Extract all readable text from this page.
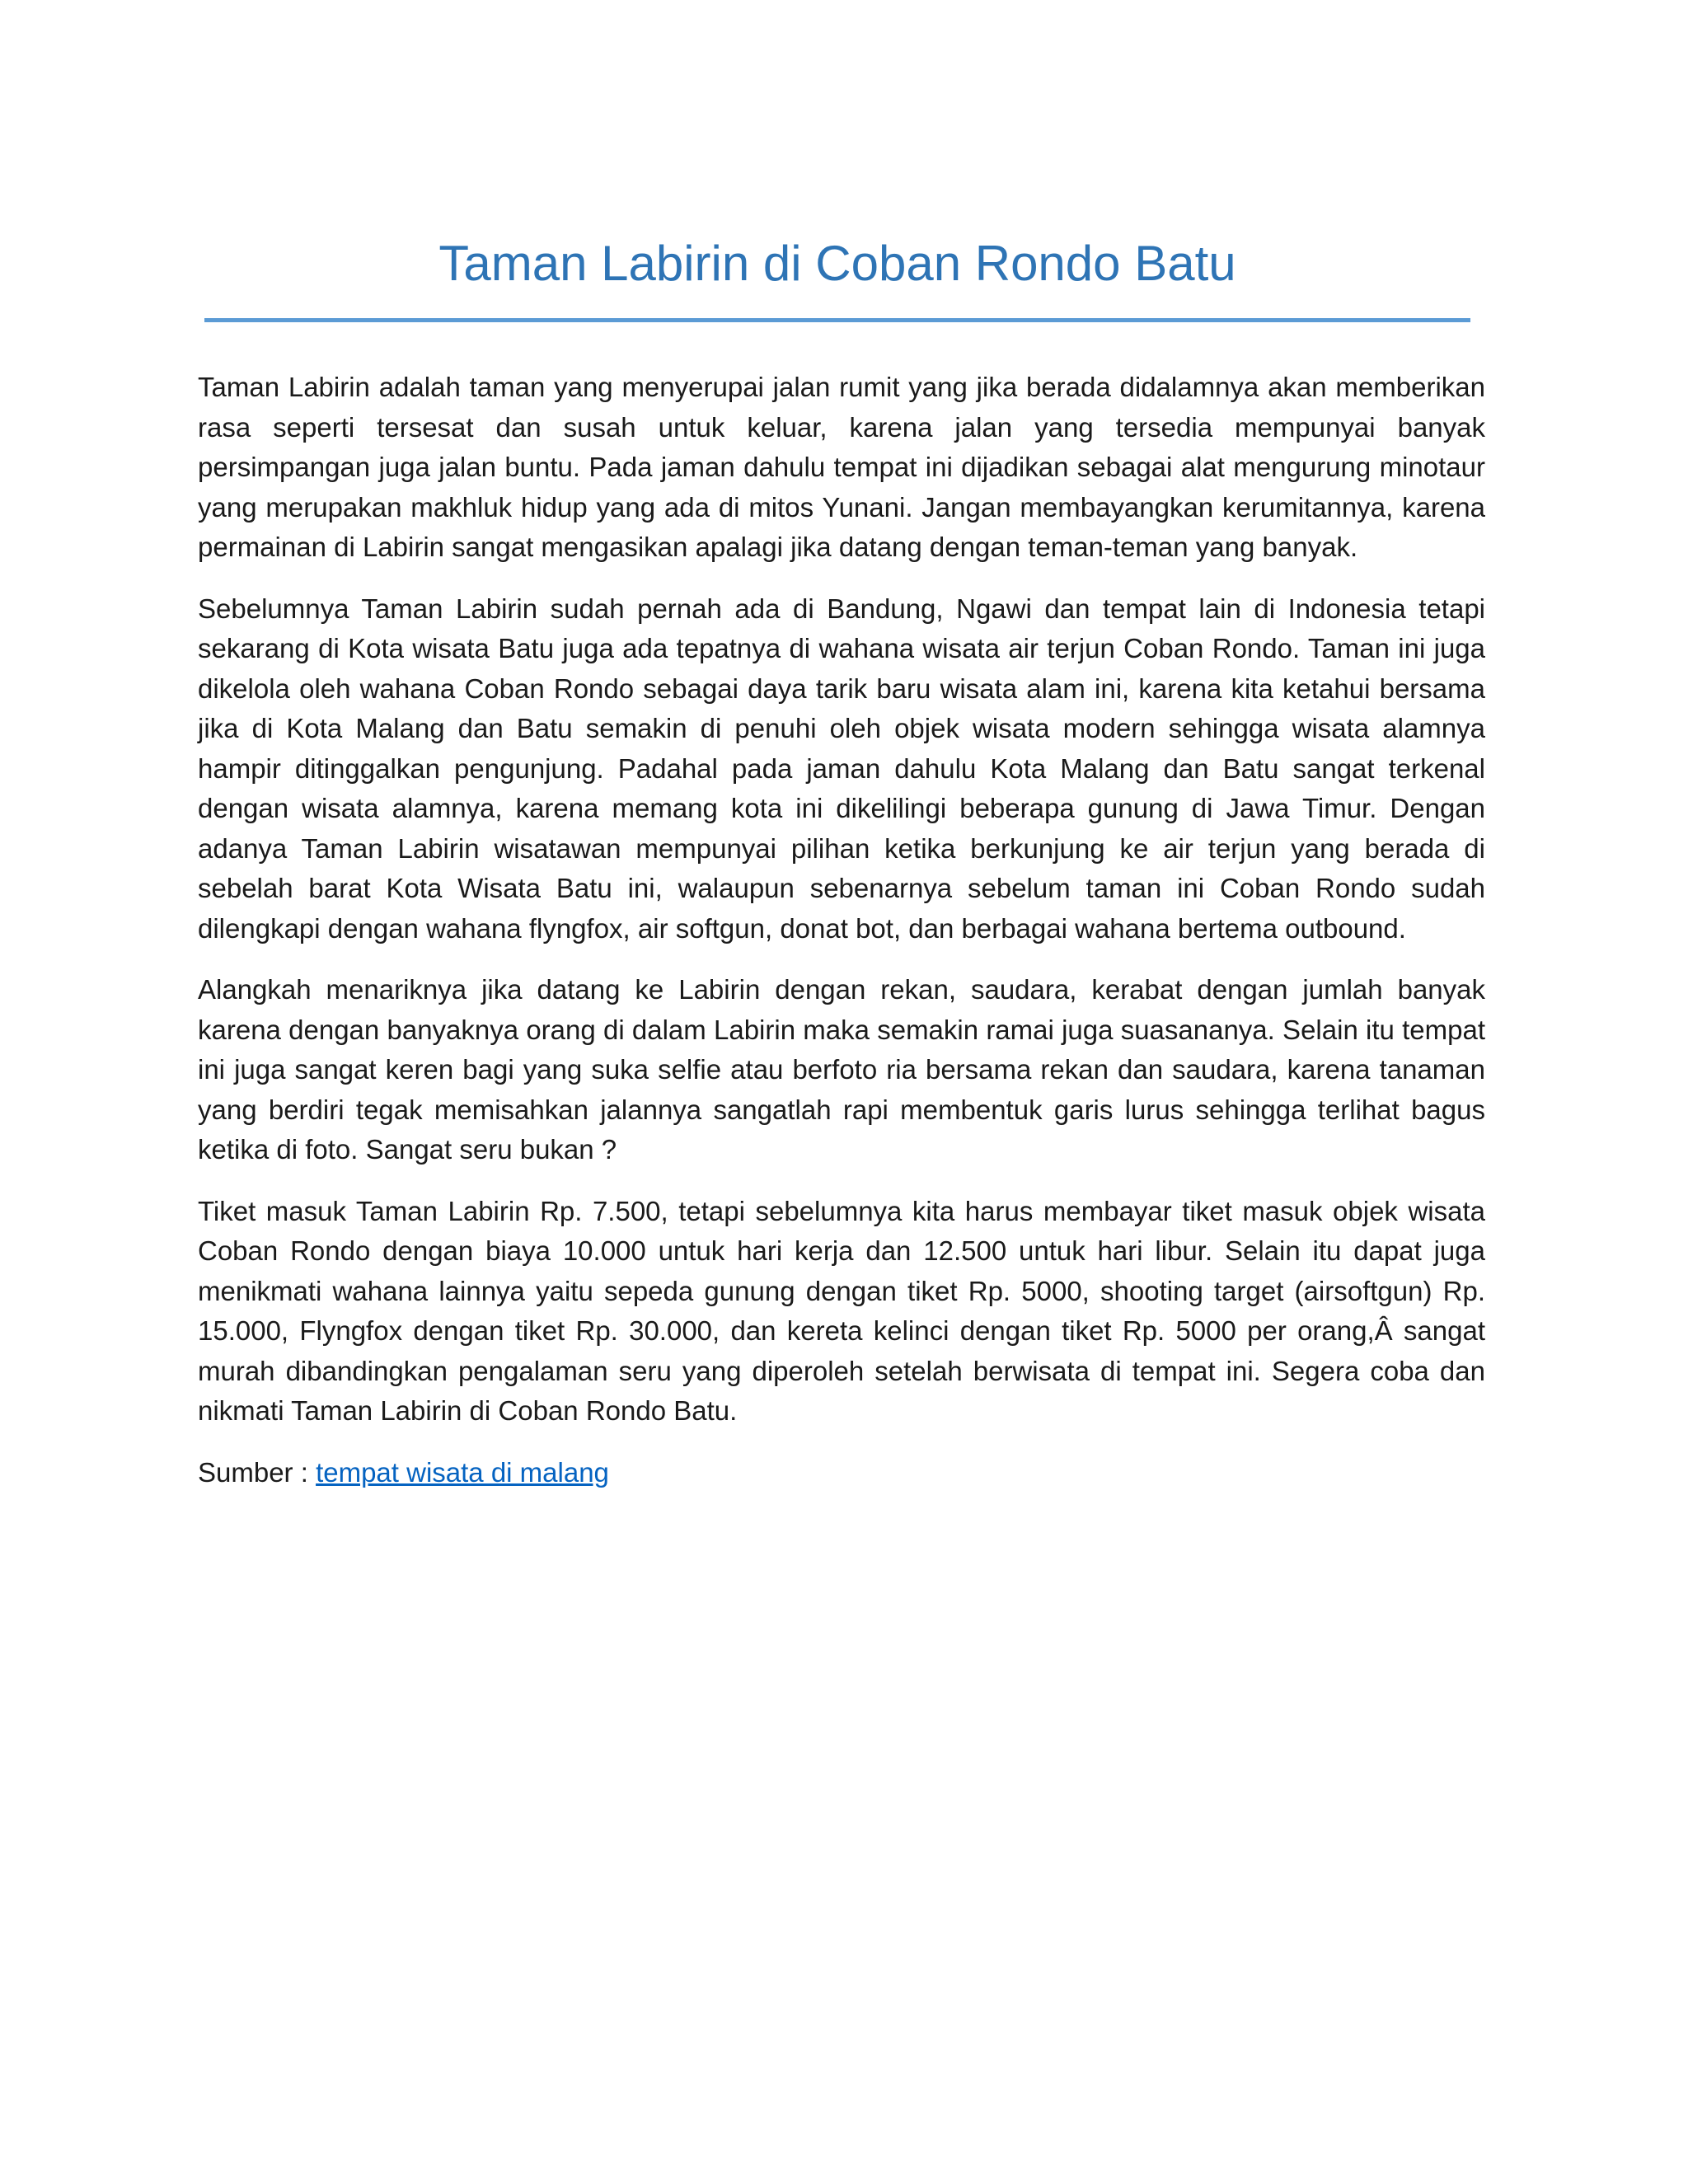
Taman Labirin di Coban Rondo Batu

Taman Labirin adalah taman yang menyerupai jalan rumit yang jika berada didalamnya akan memberikan rasa seperti tersesat dan susah untuk keluar, karena jalan yang tersedia mempunyai banyak persimpangan juga jalan buntu. Pada jaman dahulu tempat ini dijadikan sebagai alat mengurung minotaur yang merupakan makhluk hidup yang ada di mitos Yunani. Jangan membayangkan kerumitannya, karena permainan di Labirin sangat mengasikan apalagi jika datang dengan teman-teman yang banyak.

Sebelumnya Taman Labirin sudah pernah ada di Bandung, Ngawi dan tempat lain di Indonesia tetapi sekarang di Kota wisata Batu juga ada tepatnya di wahana wisata air terjun Coban Rondo. Taman ini juga dikelola oleh wahana Coban Rondo sebagai daya tarik baru wisata alam ini, karena kita ketahui bersama jika di Kota Malang dan Batu semakin di penuhi oleh objek wisata modern sehingga wisata alamnya hampir ditinggalkan pengunjung. Padahal pada jaman dahulu Kota Malang dan Batu sangat terkenal dengan wisata alamnya, karena memang kota ini dikelilingi beberapa gunung di Jawa Timur. Dengan adanya Taman Labirin wisatawan mempunyai pilihan ketika berkunjung ke air terjun yang berada di sebelah barat Kota Wisata Batu ini, walaupun sebenarnya sebelum taman ini Coban Rondo sudah dilengkapi dengan wahana flyngfox, air softgun, donat bot, dan berbagai wahana bertema outbound.

Alangkah menariknya jika datang ke Labirin dengan rekan, saudara, kerabat dengan jumlah banyak karena dengan banyaknya orang di dalam Labirin maka semakin ramai juga suasananya. Selain itu tempat ini juga sangat keren bagi yang suka selfie atau berfoto ria bersama rekan dan saudara, karena tanaman yang berdiri tegak memisahkan jalannya sangatlah rapi membentuk garis lurus sehingga terlihat bagus ketika di foto. Sangat seru bukan ?

Tiket masuk Taman Labirin Rp. 7.500, tetapi sebelumnya kita harus membayar tiket masuk objek wisata Coban Rondo dengan biaya 10.000 untuk hari kerja dan 12.500 untuk hari libur. Selain itu dapat juga menikmati wahana lainnya yaitu sepeda gunung dengan tiket Rp. 5000, shooting target (airsoftgun) Rp. 15.000, Flyngfox dengan tiket Rp. 30.000, dan kereta kelinci dengan tiket Rp. 5000 per orang,Â sangat murah dibandingkan pengalaman seru yang diperoleh setelah berwisata di tempat ini. Segera coba dan nikmati Taman Labirin di Coban Rondo Batu.

Sumber : tempat wisata di malang
